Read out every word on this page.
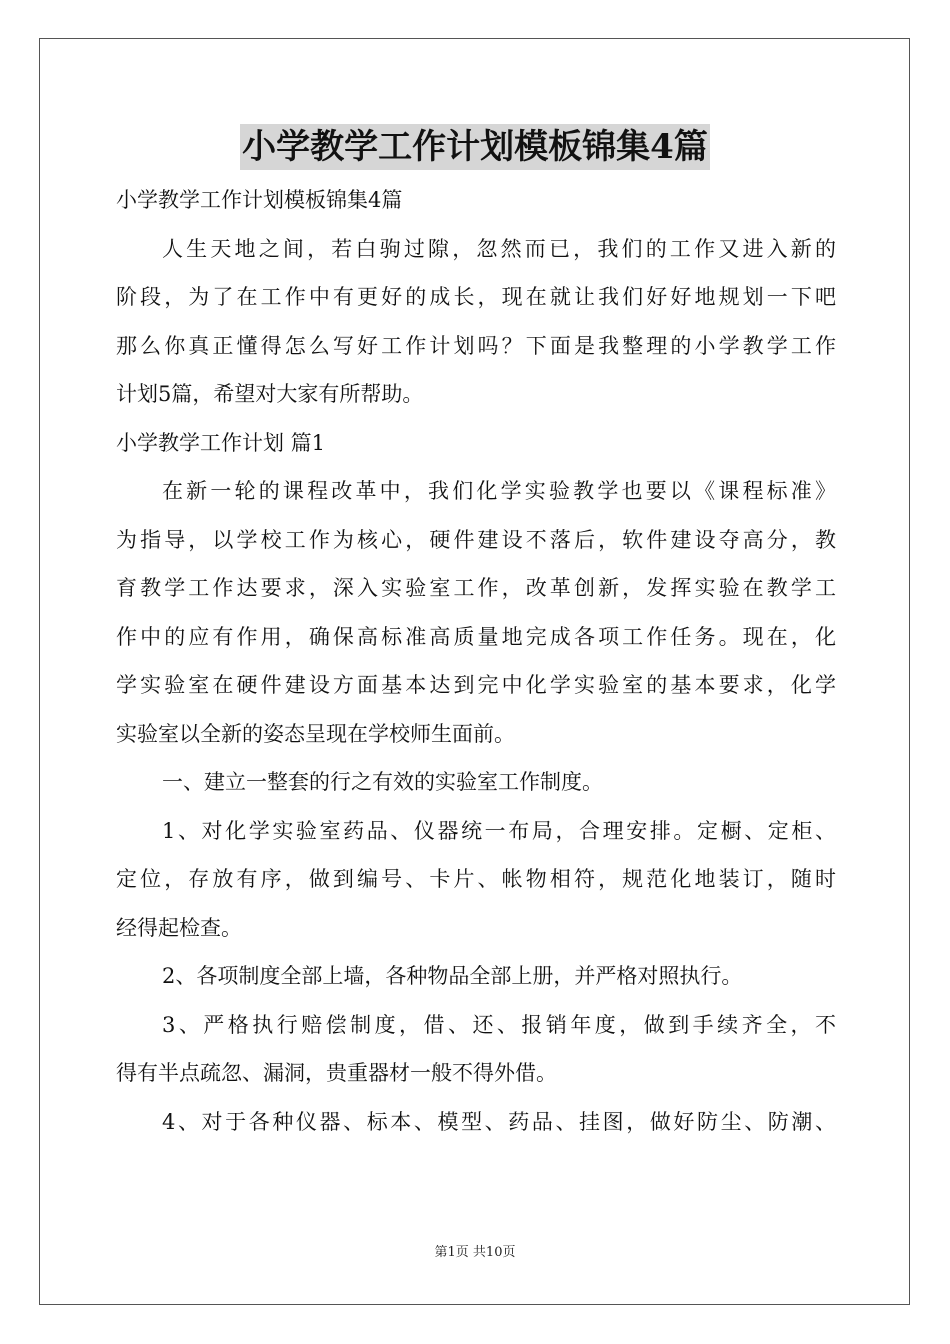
小学教学工作计划模板锦集4篇
小学教学工作计划模板锦集4篇
人生天地之间，若白驹过隙，忽然而已，我们的工作又进入新的
阶段，为了在工作中有更好的成长，现在就让我们好好地规划一下吧
那么你真正懂得怎么写好工作计划吗？下面是我整理的小学教学工作
计划5篇，希望对大家有所帮助。
小学教学工作计划 篇1
在新一轮的课程改革中，我们化学实验教学也要以《课程标准》
为指导，以学校工作为核心，硬件建设不落后，软件建设夺高分，教
育教学工作达要求，深入实验室工作，改革创新，发挥实验在教学工
作中的应有作用，确保高标准高质量地完成各项工作任务。现在，化
学实验室在硬件建设方面基本达到完中化学实验室的基本要求，化学
实验室以全新的姿态呈现在学校师生面前。
一、建立一整套的行之有效的实验室工作制度。
1、对化学实验室药品、仪器统一布局，合理安排。定橱、定柜、
定位，存放有序，做到编号、卡片、帐物相符，规范化地装订，随时
经得起检查。
2、各项制度全部上墙，各种物品全部上册，并严格对照执行。
3、严格执行赔偿制度，借、还、报销年度，做到手续齐全，不
得有半点疏忽、漏洞，贵重器材一般不得外借。
4、对于各种仪器、标本、模型、药品、挂图，做好防尘、防潮、
第1页 共10页
